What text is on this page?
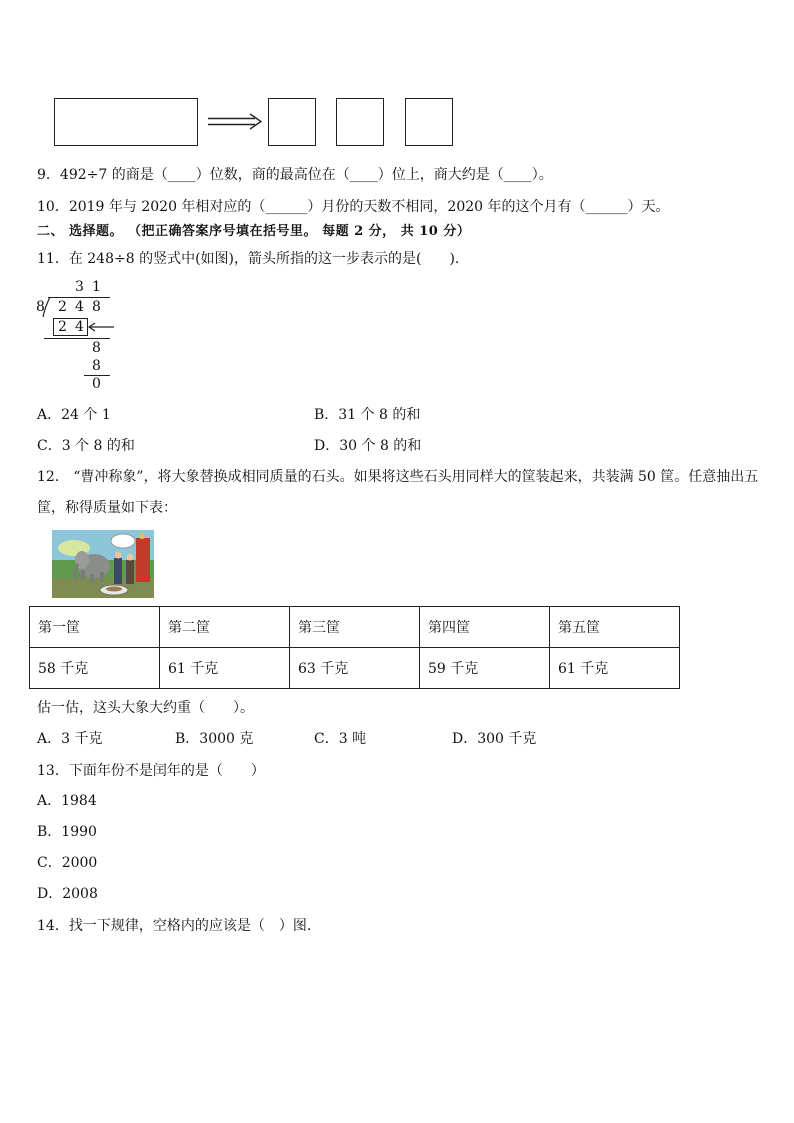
9．492÷7 的商是（____）位数，商的最高位在（____）位上，商大约是（____）。
10．2019 年与 2020 年相对应的（______）月份的天数不相同，2020 年的这个月有（______）天。
二、 选择题。 （把正确答案序号填在括号里。 每题 2 分， 共 10 分）
11．在 248÷8 的竖式中(如图)，箭头所指的这一步表示的是(　　).
3 1
8 2 4 8
2 4
8
8
0
A．24 个 1	B．31 个 8 的和
C．3 个 8 的和	D．30 个 8 的和
12． “曹冲称象”，将大象替换成相同质量的石头。如果将这些石头用同样大的筐装起来，共装满 50 筐。任意抽出五
筐，称得质量如下表：
第一筐	第二筐	第三筐	第四筐	第五筐
58 千克	61 千克	63 千克	59 千克	61 千克
估一估，这头大象大约重（　　）。
A．3 千克	B．3000 克	C．3 吨	D．300 千克
13．下面年份不是闰年的是（　　）
A．1984
B．1990
C．2000
D．2008
14．找一下规律，空格内的应该是（　）图.
